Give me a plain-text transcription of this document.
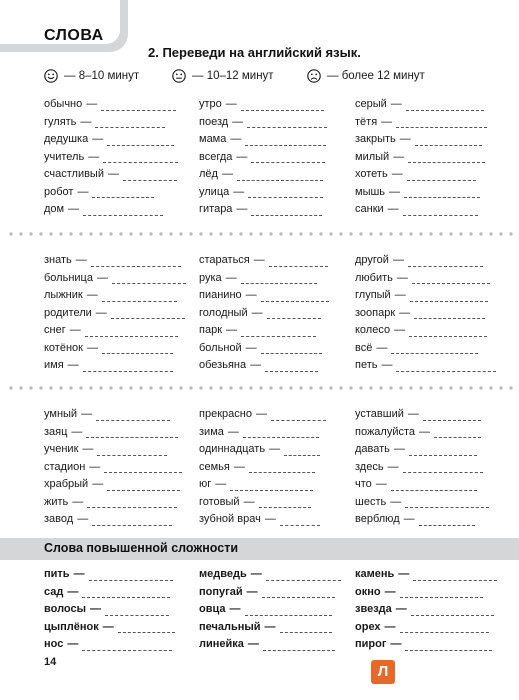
СЛОВА
2. Переведи на английский язык.
— 8–10 минут	— 10–12 минут	— более 12 минут
обычно —
гулять —
дедушка —
учитель —
счастливый —
робот —
дом —
утро —
поезд —
мама —
всегда —
лёд —
улица —
гитара —
серый —
тётя —
закрыть —
милый —
хотеть —
мышь —
санки —
знать —
больница —
лыжник —
родители —
снег —
котёнок —
имя —
стараться —
рука —
пианино —
голодный —
парк —
больной —
обезьяна —
другой —
любить —
глупый —
зоопарк —
колесо —
всё —
петь —
умный —
заяц —
ученик —
стадион —
храбрый —
жить —
завод —
прекрасно —
зима —
одиннадцать —
семья —
юг —
готовый —
зубной врач —
уставший —
пожалуйста —
давать —
здесь —
что —
шесть —
верблюд —
Слова повышенной сложности
пить —
сад —
волосы —
цыплёнок —
нос —
медведь —
попугай —
овца —
печальный —
линейка —
камень —
окно —
звезда —
орех —
пирог —
14
Л
